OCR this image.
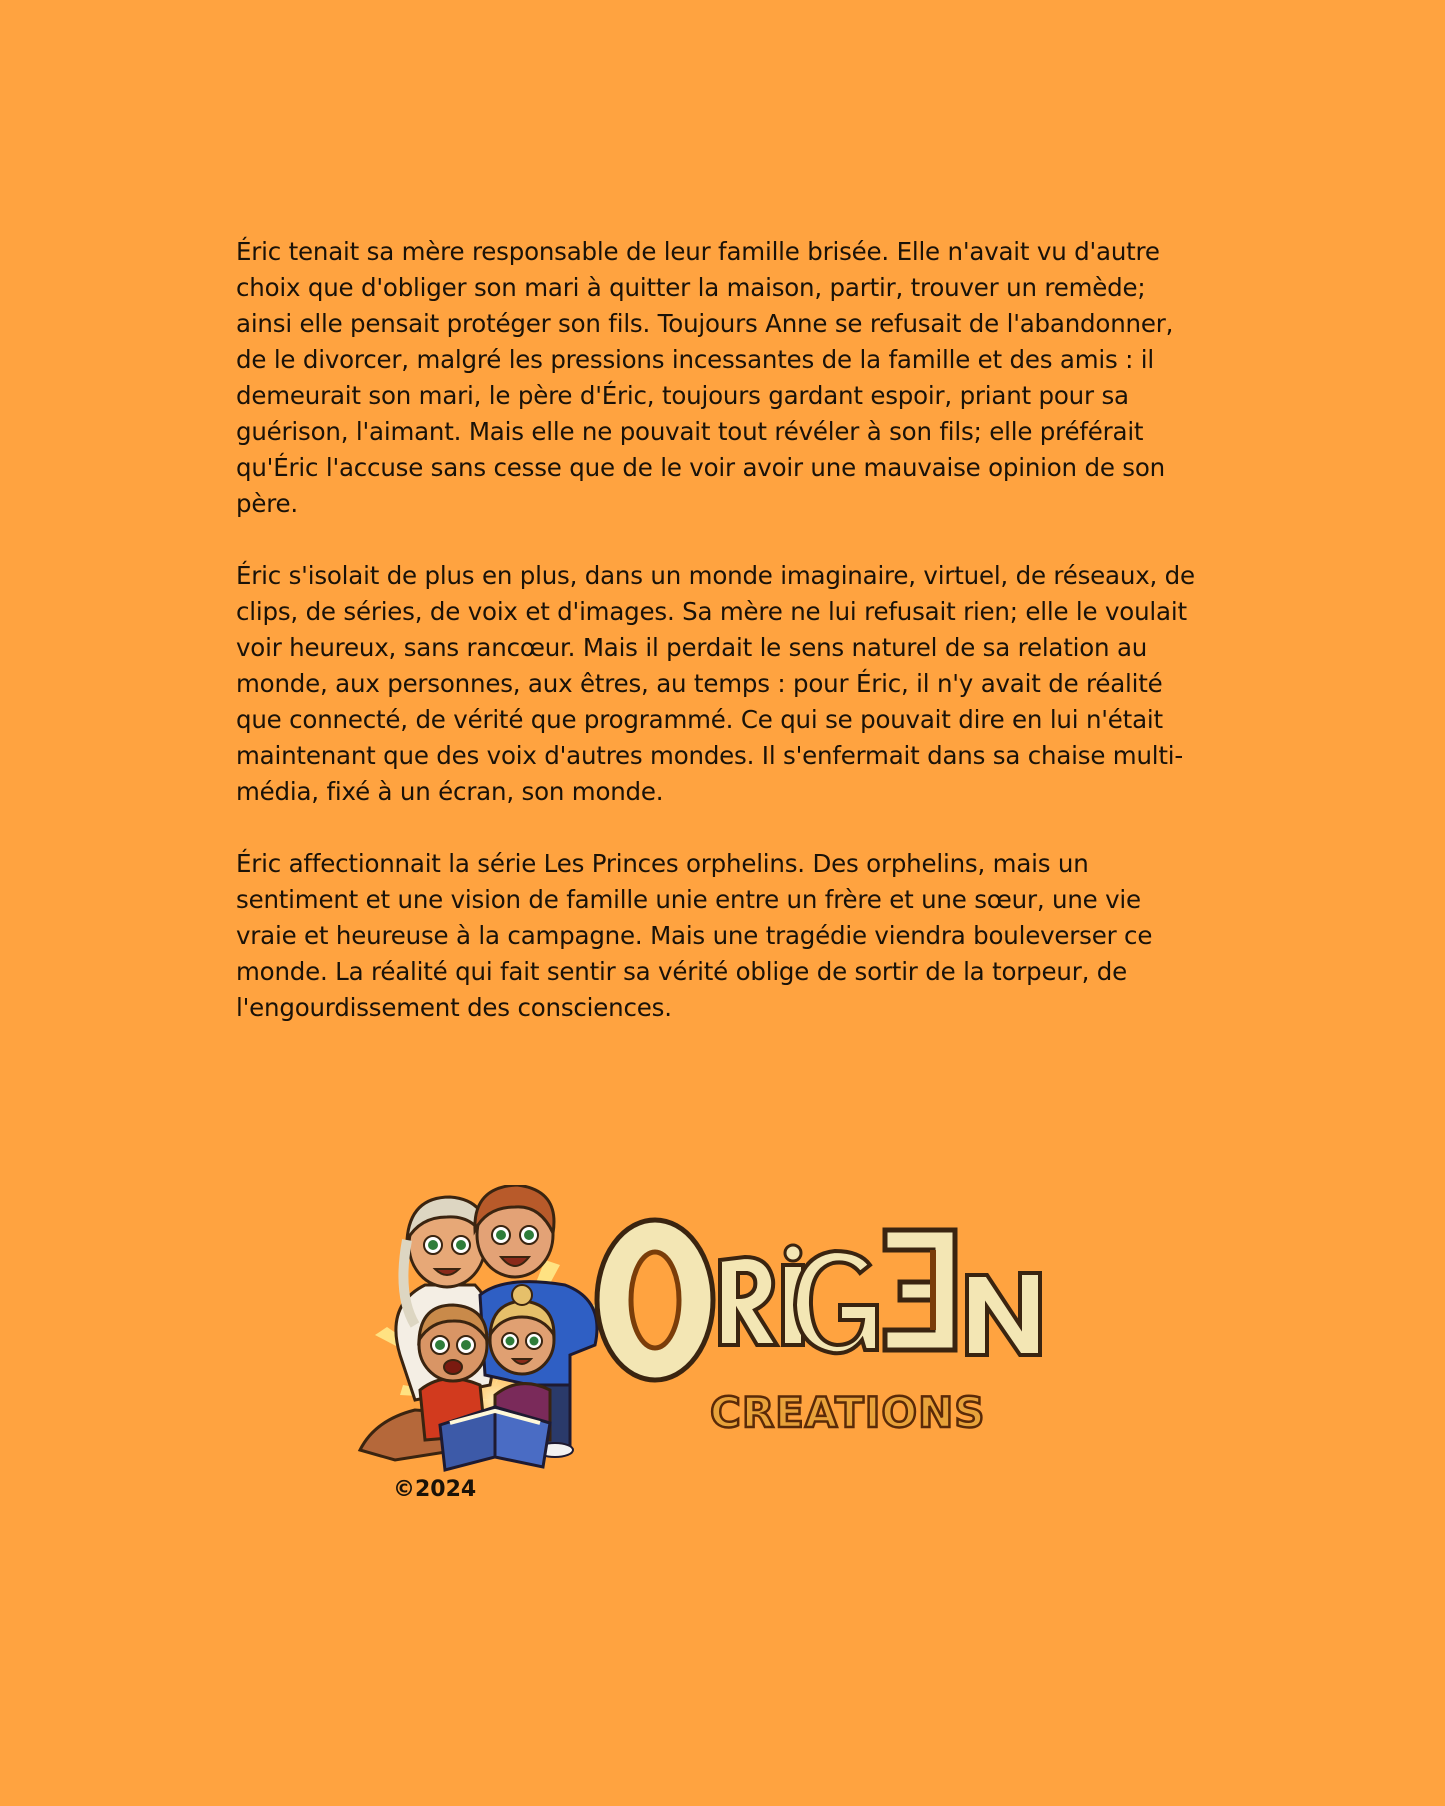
Éric tenait sa mère responsable de leur famille brisée. Elle n'avait vu d'autre choix que d'obliger son mari à quitter la maison, partir, trouver un remède; ainsi elle pensait protéger son fils. Toujours Anne se refusait de l'abandonner, de le divorcer, malgré les pressions incessantes de la famille et des amis : il demeurait son mari, le père d'Éric, toujours gardant espoir, priant pour sa guérison, l'aimant. Mais elle ne pouvait tout révéler à son fils; elle préférait qu'Éric l'accuse sans cesse que de le voir avoir une mauvaise opinion de son père.

Éric s'isolait de plus en plus, dans un monde imaginaire, virtuel, de réseaux, de clips, de séries, de voix et d'images. Sa mère ne lui refusait rien; elle le voulait voir heureux, sans rancœur. Mais il perdait le sens naturel de sa relation au monde, aux personnes, aux êtres, au temps : pour Éric, il n'y avait de réalité que connecté, de vérité que programmé. Ce qui se pouvait dire en lui n'était maintenant que des voix d'autres mondes. Il s'enfermait dans sa chaise multi-média, fixé à un écran, son monde.

Éric affectionnait la série Les Princes orphelins. Des orphelins, mais un sentiment et une vision de famille unie entre un frère et une sœur, une vie vraie et heureuse à la campagne. Mais une tragédie viendra bouleverser ce monde. La réalité qui fait sentir sa vérité oblige de sortir de la torpeur, de l'engourdissement des consciences.

CREATIONS
©2024
